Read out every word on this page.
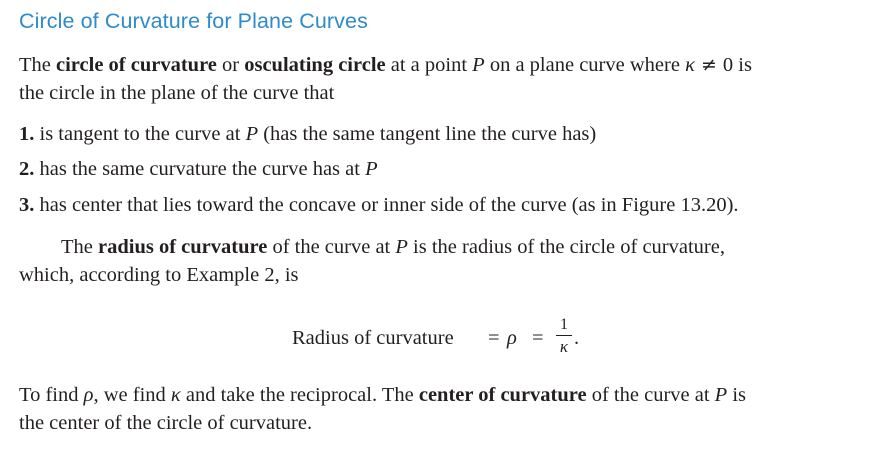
Circle of Curvature for Plane Curves
The circle of curvature or osculating circle at a point P on a plane curve where κ ≠ 0 is
the circle in the plane of the curve that
1. is tangent to the curve at P (has the same tangent line the curve has)
2. has the same curvature the curve has at P
3. has center that lies toward the concave or inner side of the curve (as in Figure 13.20).
The radius of curvature of the curve at P is the radius of the circle of curvature,
which, according to Example 2, is
Radius of curvature = ρ =
1
κ .
To find ρ, we find κ and take the reciprocal. The center of curvature of the curve at P is
the center of the circle of curvature.
